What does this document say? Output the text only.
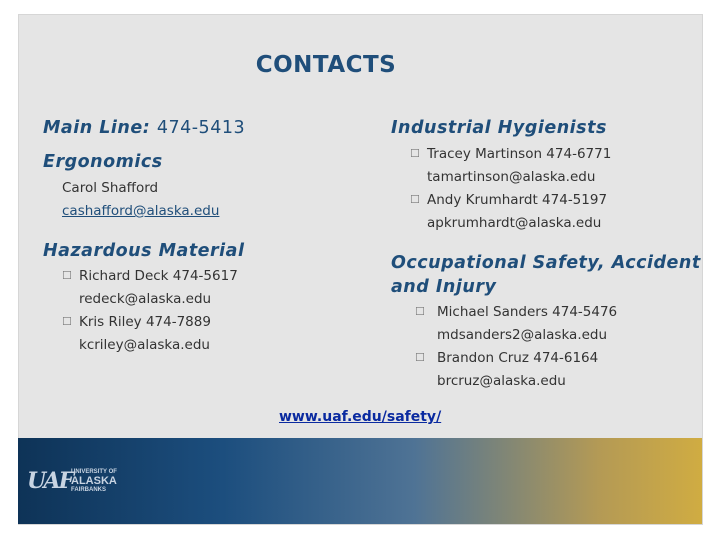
CONTACTS
Main Line: 474-5413
Ergonomics
Carol Shafford
cashafford@alaska.edu
Hazardous Material
☐ Richard Deck 474-5617
redeck@alaska.edu
☐ Kris Riley 474-7889
kcriley@alaska.edu
Industrial Hygienists
☐ Tracey Martinson 474-6771
tamartinson@alaska.edu
☐ Andy Krumhardt 474-5197
apkrumhardt@alaska.edu
Occupational Safety, Accident
and Injury
☐ Michael Sanders 474-5476
mdsanders2@alaska.edu
☐ Brandon Cruz 474-6164
brcruz@alaska.edu
www.uaf.edu/safety/
UAF
UNIVERSITY OF
ALASKA
FAIRBANKS
